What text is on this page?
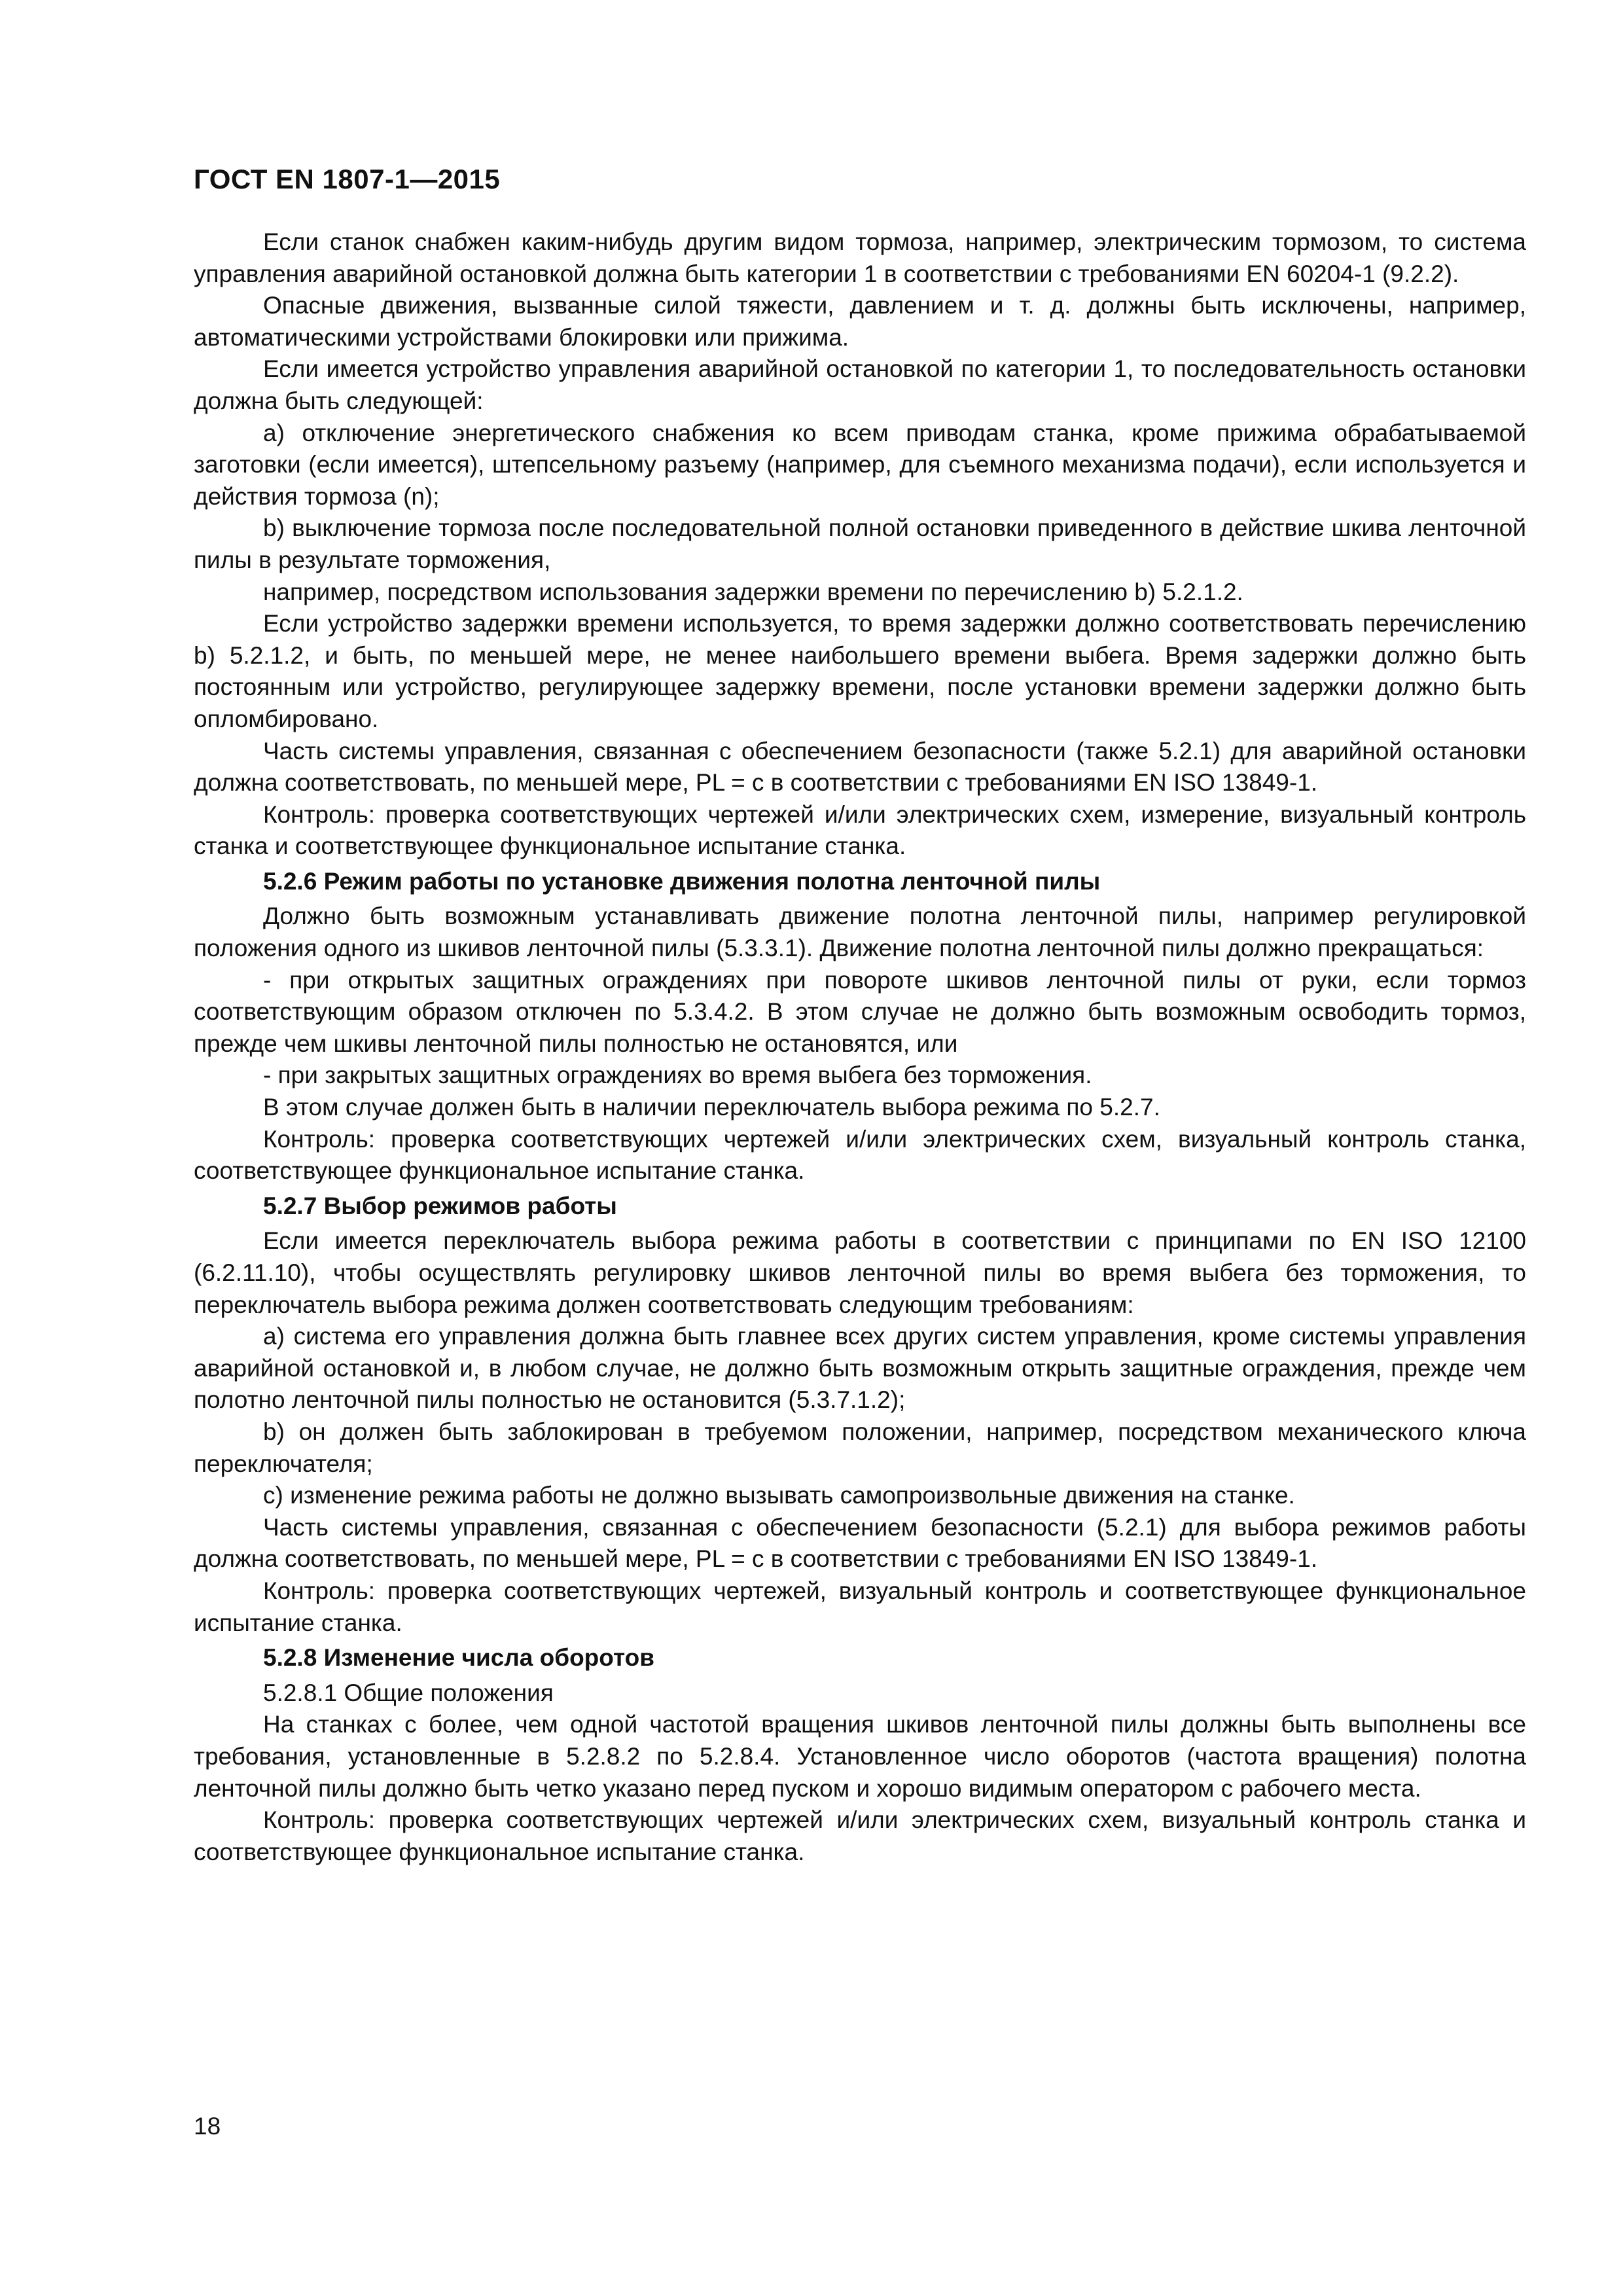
ГОСТ EN 1807-1—2015

Если станок снабжен каким-нибудь другим видом тормоза, например, электрическим тормозом, то система управления аварийной остановкой должна быть категории 1 в соответствии с требованиями EN 60204-1 (9.2.2).

Опасные движения, вызванные силой тяжести, давлением и т. д. должны быть исключены, например, автоматическими устройствами блокировки или прижима.

Если имеется устройство управления аварийной остановкой по категории 1, то последовательность остановки должна быть следующей:

a) отключение энергетического снабжения ко всем приводам станка, кроме прижима обрабатываемой заготовки (если имеется), штепсельному разъему (например, для съемного механизма подачи), если используется и действия тормоза (n);

b) выключение тормоза после последовательной полной остановки приведенного в действие шкива ленточной пилы в результате торможения,

например, посредством использования задержки времени по перечислению b) 5.2.1.2.

Если устройство задержки времени используется, то время задержки должно соответствовать перечислению b) 5.2.1.2, и быть, по меньшей мере, не менее наибольшего времени выбега. Время задержки должно быть постоянным или устройство, регулирующее задержку времени, после установки времени задержки должно быть опломбировано.

Часть системы управления, связанная с обеспечением безопасности (также 5.2.1) для аварийной остановки должна соответствовать, по меньшей мере, PL = c в соответствии с требованиями EN ISO 13849-1.

Контроль: проверка соответствующих чертежей и/или электрических схем, измерение, визуальный контроль станка и соответствующее функциональное испытание станка.

5.2.6 Режим работы по установке движения полотна ленточной пилы

Должно быть возможным устанавливать движение полотна ленточной пилы, например регулировкой положения одного из шкивов ленточной пилы (5.3.3.1). Движение полотна ленточной пилы должно прекращаться:

- при открытых защитных ограждениях при повороте шкивов ленточной пилы от руки, если тормоз соответствующим образом отключен по 5.3.4.2. В этом случае не должно быть возможным освободить тормоз, прежде чем шкивы ленточной пилы полностью не остановятся, или

- при закрытых защитных ограждениях во время выбега без торможения.

В этом случае должен быть в наличии переключатель выбора режима по 5.2.7.

Контроль: проверка соответствующих чертежей и/или электрических схем, визуальный контроль станка, соответствующее функциональное испытание станка.

5.2.7 Выбор режимов работы

Если имеется переключатель выбора режима работы в соответствии с принципами по EN ISO 12100 (6.2.11.10), чтобы осуществлять регулировку шкивов ленточной пилы во время выбега без торможения, то переключатель выбора режима должен соответствовать следующим требованиям:

a) система его управления должна быть главнее всех других систем управления, кроме системы управления аварийной остановкой и, в любом случае, не должно быть возможным открыть защитные ограждения, прежде чем полотно ленточной пилы полностью не остановится (5.3.7.1.2);

b) он должен быть заблокирован в требуемом положении, например, посредством механического ключа переключателя;

c) изменение режима работы не должно вызывать самопроизвольные движения на станке.

Часть системы управления, связанная с обеспечением безопасности (5.2.1) для выбора режимов работы должна соответствовать, по меньшей мере, PL = c в соответствии с требованиями EN ISO 13849-1.

Контроль: проверка соответствующих чертежей, визуальный контроль и соответствующее функциональное испытание станка.

5.2.8 Изменение числа оборотов

5.2.8.1 Общие положения

На станках с более, чем одной частотой вращения шкивов ленточной пилы должны быть выполнены все требования, установленные в 5.2.8.2 по 5.2.8.4. Установленное число оборотов (частота вращения) полотна ленточной пилы должно быть четко указано перед пуском и хорошо видимым оператором с рабочего места.

Контроль: проверка соответствующих чертежей и/или электрических схем, визуальный контроль станка и соответствующее функциональное испытание станка.

18
